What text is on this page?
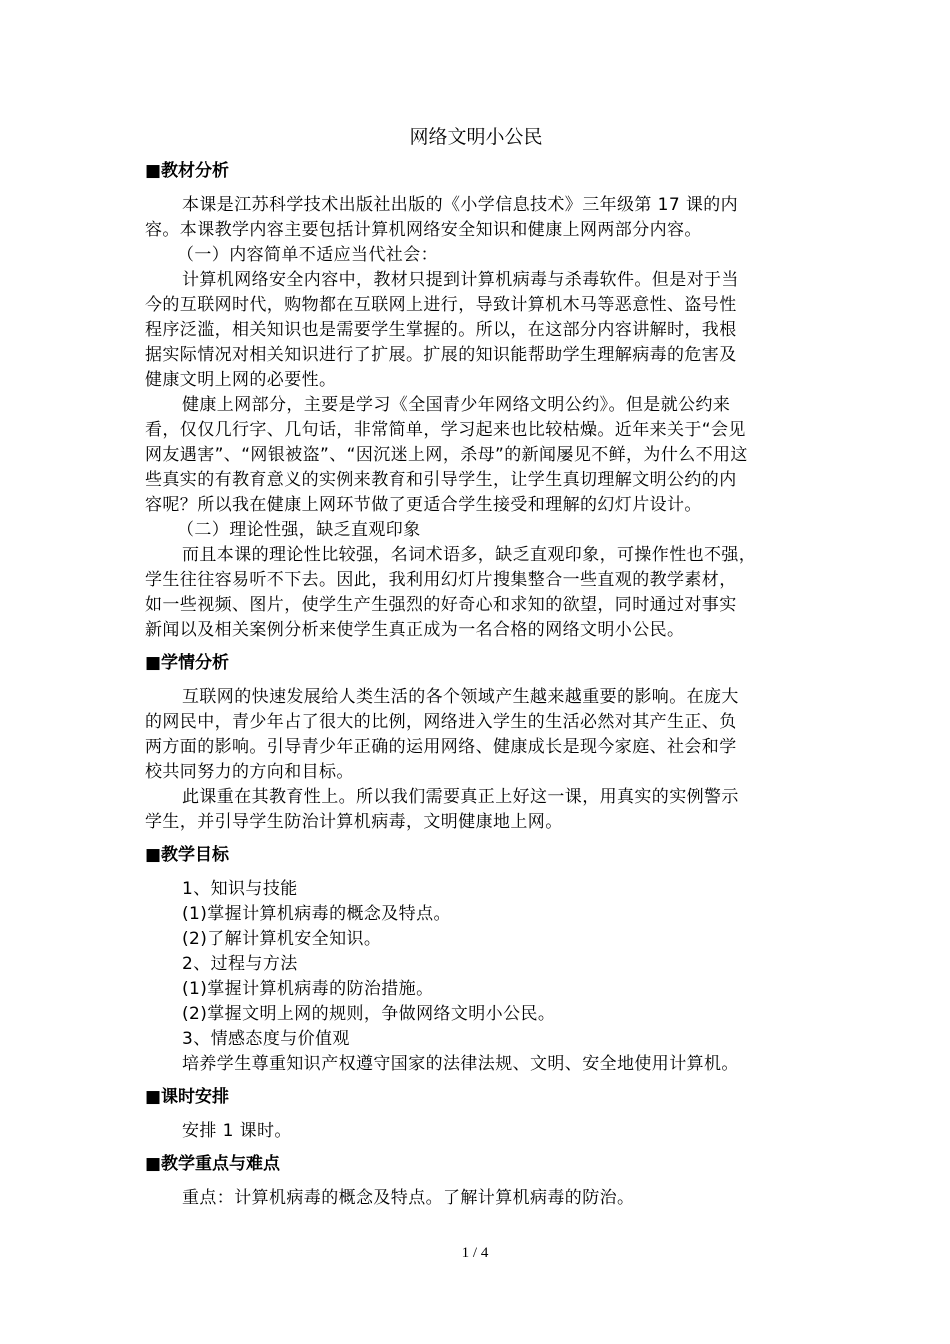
网络文明小公民
■教材分析
本课是江苏科学技术出版社出版的《小学信息技术》三年级第 17 课的内
容。本课教学内容主要包括计算机网络安全知识和健康上网两部分内容。
（一）内容简单不适应当代社会：
计算机网络安全内容中，教材只提到计算机病毒与杀毒软件。但是对于当
今的互联网时代，购物都在互联网上进行，导致计算机木马等恶意性、盗号性
程序泛滥，相关知识也是需要学生掌握的。所以，在这部分内容讲解时，我根
据实际情况对相关知识进行了扩展。扩展的知识能帮助学生理解病毒的危害及
健康文明上网的必要性。
健康上网部分，主要是学习《全国青少年网络文明公约》。但是就公约来
看，仅仅几行字、几句话，非常简单，学习起来也比较枯燥。近年来关于“会见
网友遇害”、“网银被盗”、“因沉迷上网，杀母”的新闻屡见不鲜，为什么不用这
些真实的有教育意义的实例来教育和引导学生，让学生真切理解文明公约的内
容呢？所以我在健康上网环节做了更适合学生接受和理解的幻灯片设计。
（二）理论性强，缺乏直观印象
而且本课的理论性比较强，名词术语多，缺乏直观印象，可操作性也不强，
学生往往容易听不下去。因此，我利用幻灯片搜集整合一些直观的教学素材，
如一些视频、图片，使学生产生强烈的好奇心和求知的欲望，同时通过对事实
新闻以及相关案例分析来使学生真正成为一名合格的网络文明小公民。
■学情分析
互联网的快速发展给人类生活的各个领域产生越来越重要的影响。在庞大
的网民中，青少年占了很大的比例，网络进入学生的生活必然对其产生正、负
两方面的影响。引导青少年正确的运用网络、健康成长是现今家庭、社会和学
校共同努力的方向和目标。
此课重在其教育性上。所以我们需要真正上好这一课，用真实的实例警示
学生，并引导学生防治计算机病毒，文明健康地上网。
■教学目标
1、知识与技能
(1)掌握计算机病毒的概念及特点。
(2)了解计算机安全知识。
2、过程与方法
(1)掌握计算机病毒的防治措施。
(2)掌握文明上网的规则，争做网络文明小公民。
3、情感态度与价值观
培养学生尊重知识产权遵守国家的法律法规、文明、安全地使用计算机。
■课时安排
安排 1 课时。
■教学重点与难点
重点：计算机病毒的概念及特点。了解计算机病毒的防治。
1 / 4
